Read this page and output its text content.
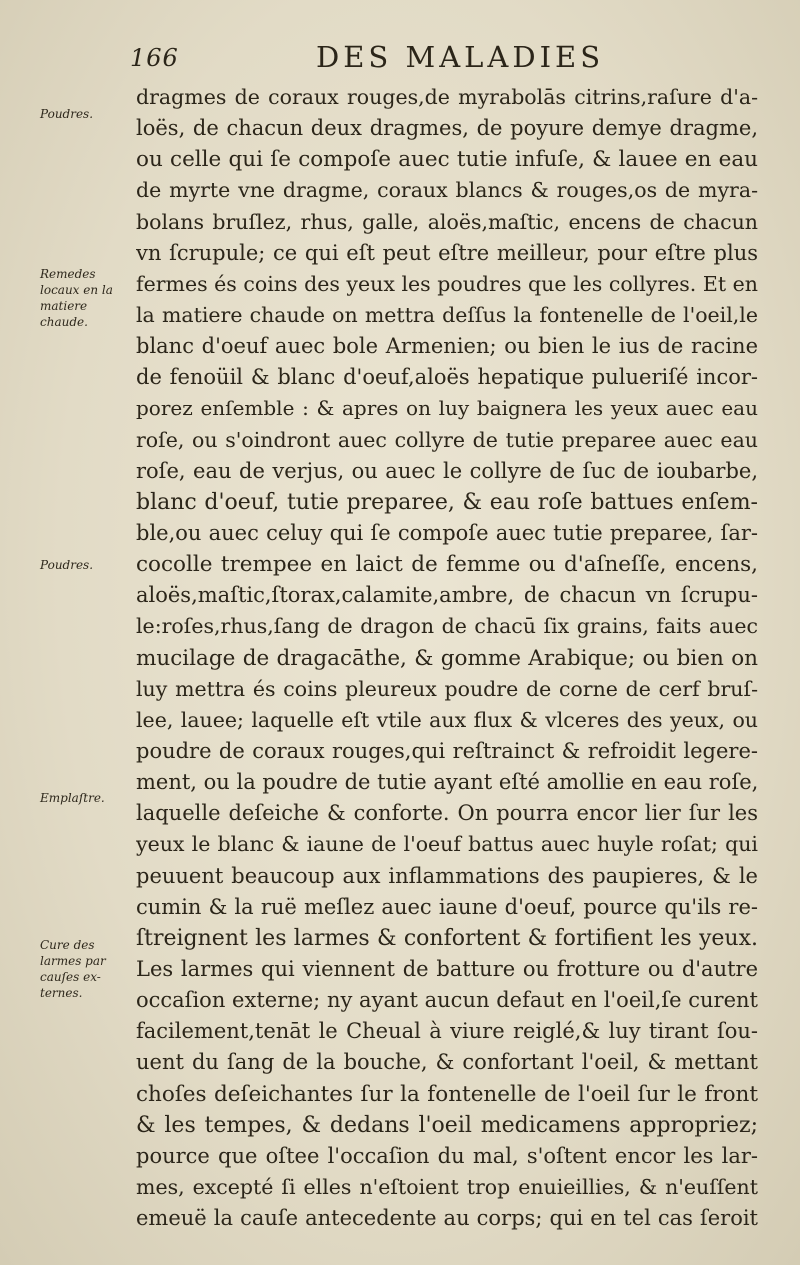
166	DES MALADIES
Poudres.
Remedes
locaux en la
matiere
chaude.
Poudres.
Emplaſtre.
Cure des
larmes par
cauſes ex-
ternes.
dragmes de coraux rouges,de myrabolās citrins,raſure d'a-
loës, de chacun deux dragmes, de poyure demye dragme,
ou celle qui ſe compoſe auec tutie infuſe, & lauee en eau
de myrte vne dragme, coraux blancs & rouges,os de myra-
bolans bruſlez, rhus, galle, aloës,maſtic, encens de chacun
vn ſcrupule; ce qui eſt peut eſtre meilleur, pour eſtre plus
fermes és coins des yeux les poudres que les collyres. Et en
la matiere chaude on mettra deſſus la fontenelle de l'oeil,le
blanc d'oeuf auec bole Armenien; ou bien le ius de racine
de fenoüil & blanc d'oeuf,aloës hepatique pulueriſé incor-
porez enſemble : & apres on luy baignera les yeux auec eau
roſe, ou s'oindront auec collyre de tutie preparee auec eau
roſe, eau de verjus, ou auec le collyre de ſuc de ioubarbe,
blanc d'oeuf, tutie preparee, & eau roſe battues enſem-
ble,ou auec celuy qui ſe compoſe auec tutie preparee, ſar-
cocolle trempee en laict de femme ou d'aſneſſe, encens,
aloës,maſtic,ſtorax,calamite,ambre, de chacun vn ſcrupu-
le:roſes,rhus,ſang de dragon de chacū ſix grains, faits auec
mucilage de dragacāthe, & gomme Arabique; ou bien on
luy mettra és coins pleureux poudre de corne de cerf bruſ-
lee, lauee; laquelle eſt vtile aux flux & vlceres des yeux, ou
poudre de coraux rouges,qui reſtrainct & refroidit legere-
ment, ou la poudre de tutie ayant eſté amollie en eau roſe,
laquelle deſeiche & conforte. On pourra encor lier ſur les
yeux le blanc & iaune de l'oeuf battus auec huyle roſat; qui
peuuent beaucoup aux inflammations des paupieres, & le
cumin & la ruë meſlez auec iaune d'oeuf, pource qu'ils re-
ſtreignent les larmes & confortent & fortifient les yeux.
Les larmes qui viennent de batture ou frotture ou d'autre
occaſion externe; ny ayant aucun defaut en l'oeil,ſe curent
facilement,tenāt le Cheual à viure reiglé,& luy tirant ſou-
uent du ſang de la bouche, & confortant l'oeil, & mettant
choſes deſeichantes ſur la fontenelle de l'oeil ſur le front
& les tempes, & dedans l'oeil medicamens appropriez;
pource que oſtee l'occaſion du mal, s'oſtent encor les lar-
mes, excepté ſi elles n'eſtoient trop enuieillies, & n'euſſent
emeuë la cauſe antecedente au corps; qui en tel cas ſeroit
